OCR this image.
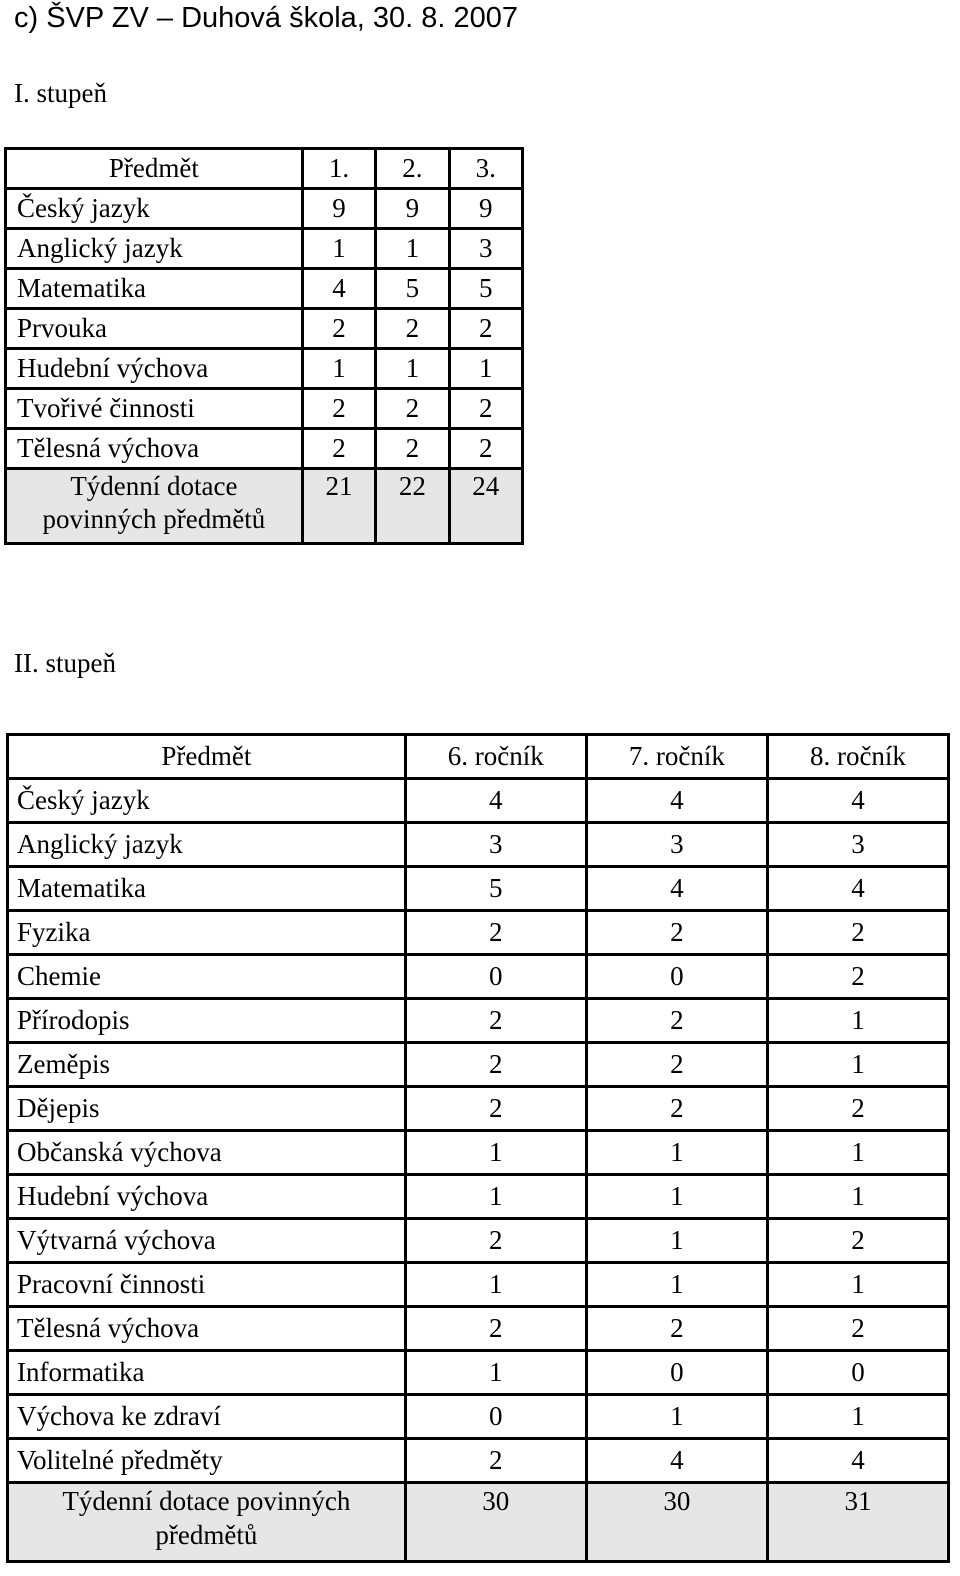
c) ŠVP ZV – Duhová škola, 30. 8. 2007
I. stupeň
Předmět	1.	2.	3.
Český jazyk	9	9	9
Anglický jazyk	1	1	3
Matematika	4	5	5
Prvouka	2	2	2
Hudební výchova	1	1	1
Tvořivé činnosti	2	2	2
Tělesná výchova	2	2	2

Týdenní dotace
povinných předmětů	21	22	24
II. stupeň
Předmět	6. ročník	7. ročník	8. ročník
Český jazyk	4	4	4
Anglický jazyk	3	3	3
Matematika	5	4	4
Fyzika	2	2	2
Chemie	0	0	2
Přírodopis	2	2	1
Zeměpis	2	2	1
Dějepis	2	2	2
Občanská výchova	1	1	1
Hudební výchova	1	1	1
Výtvarná výchova	2	1	2
Pracovní činnosti	1	1	1
Tělesná výchova	2	2	2
Informatika	1	0	0
Výchova ke zdraví	0	1	1
Volitelné předměty	2	4	4

Týdenní dotace povinných
předmětů	30	30	31
